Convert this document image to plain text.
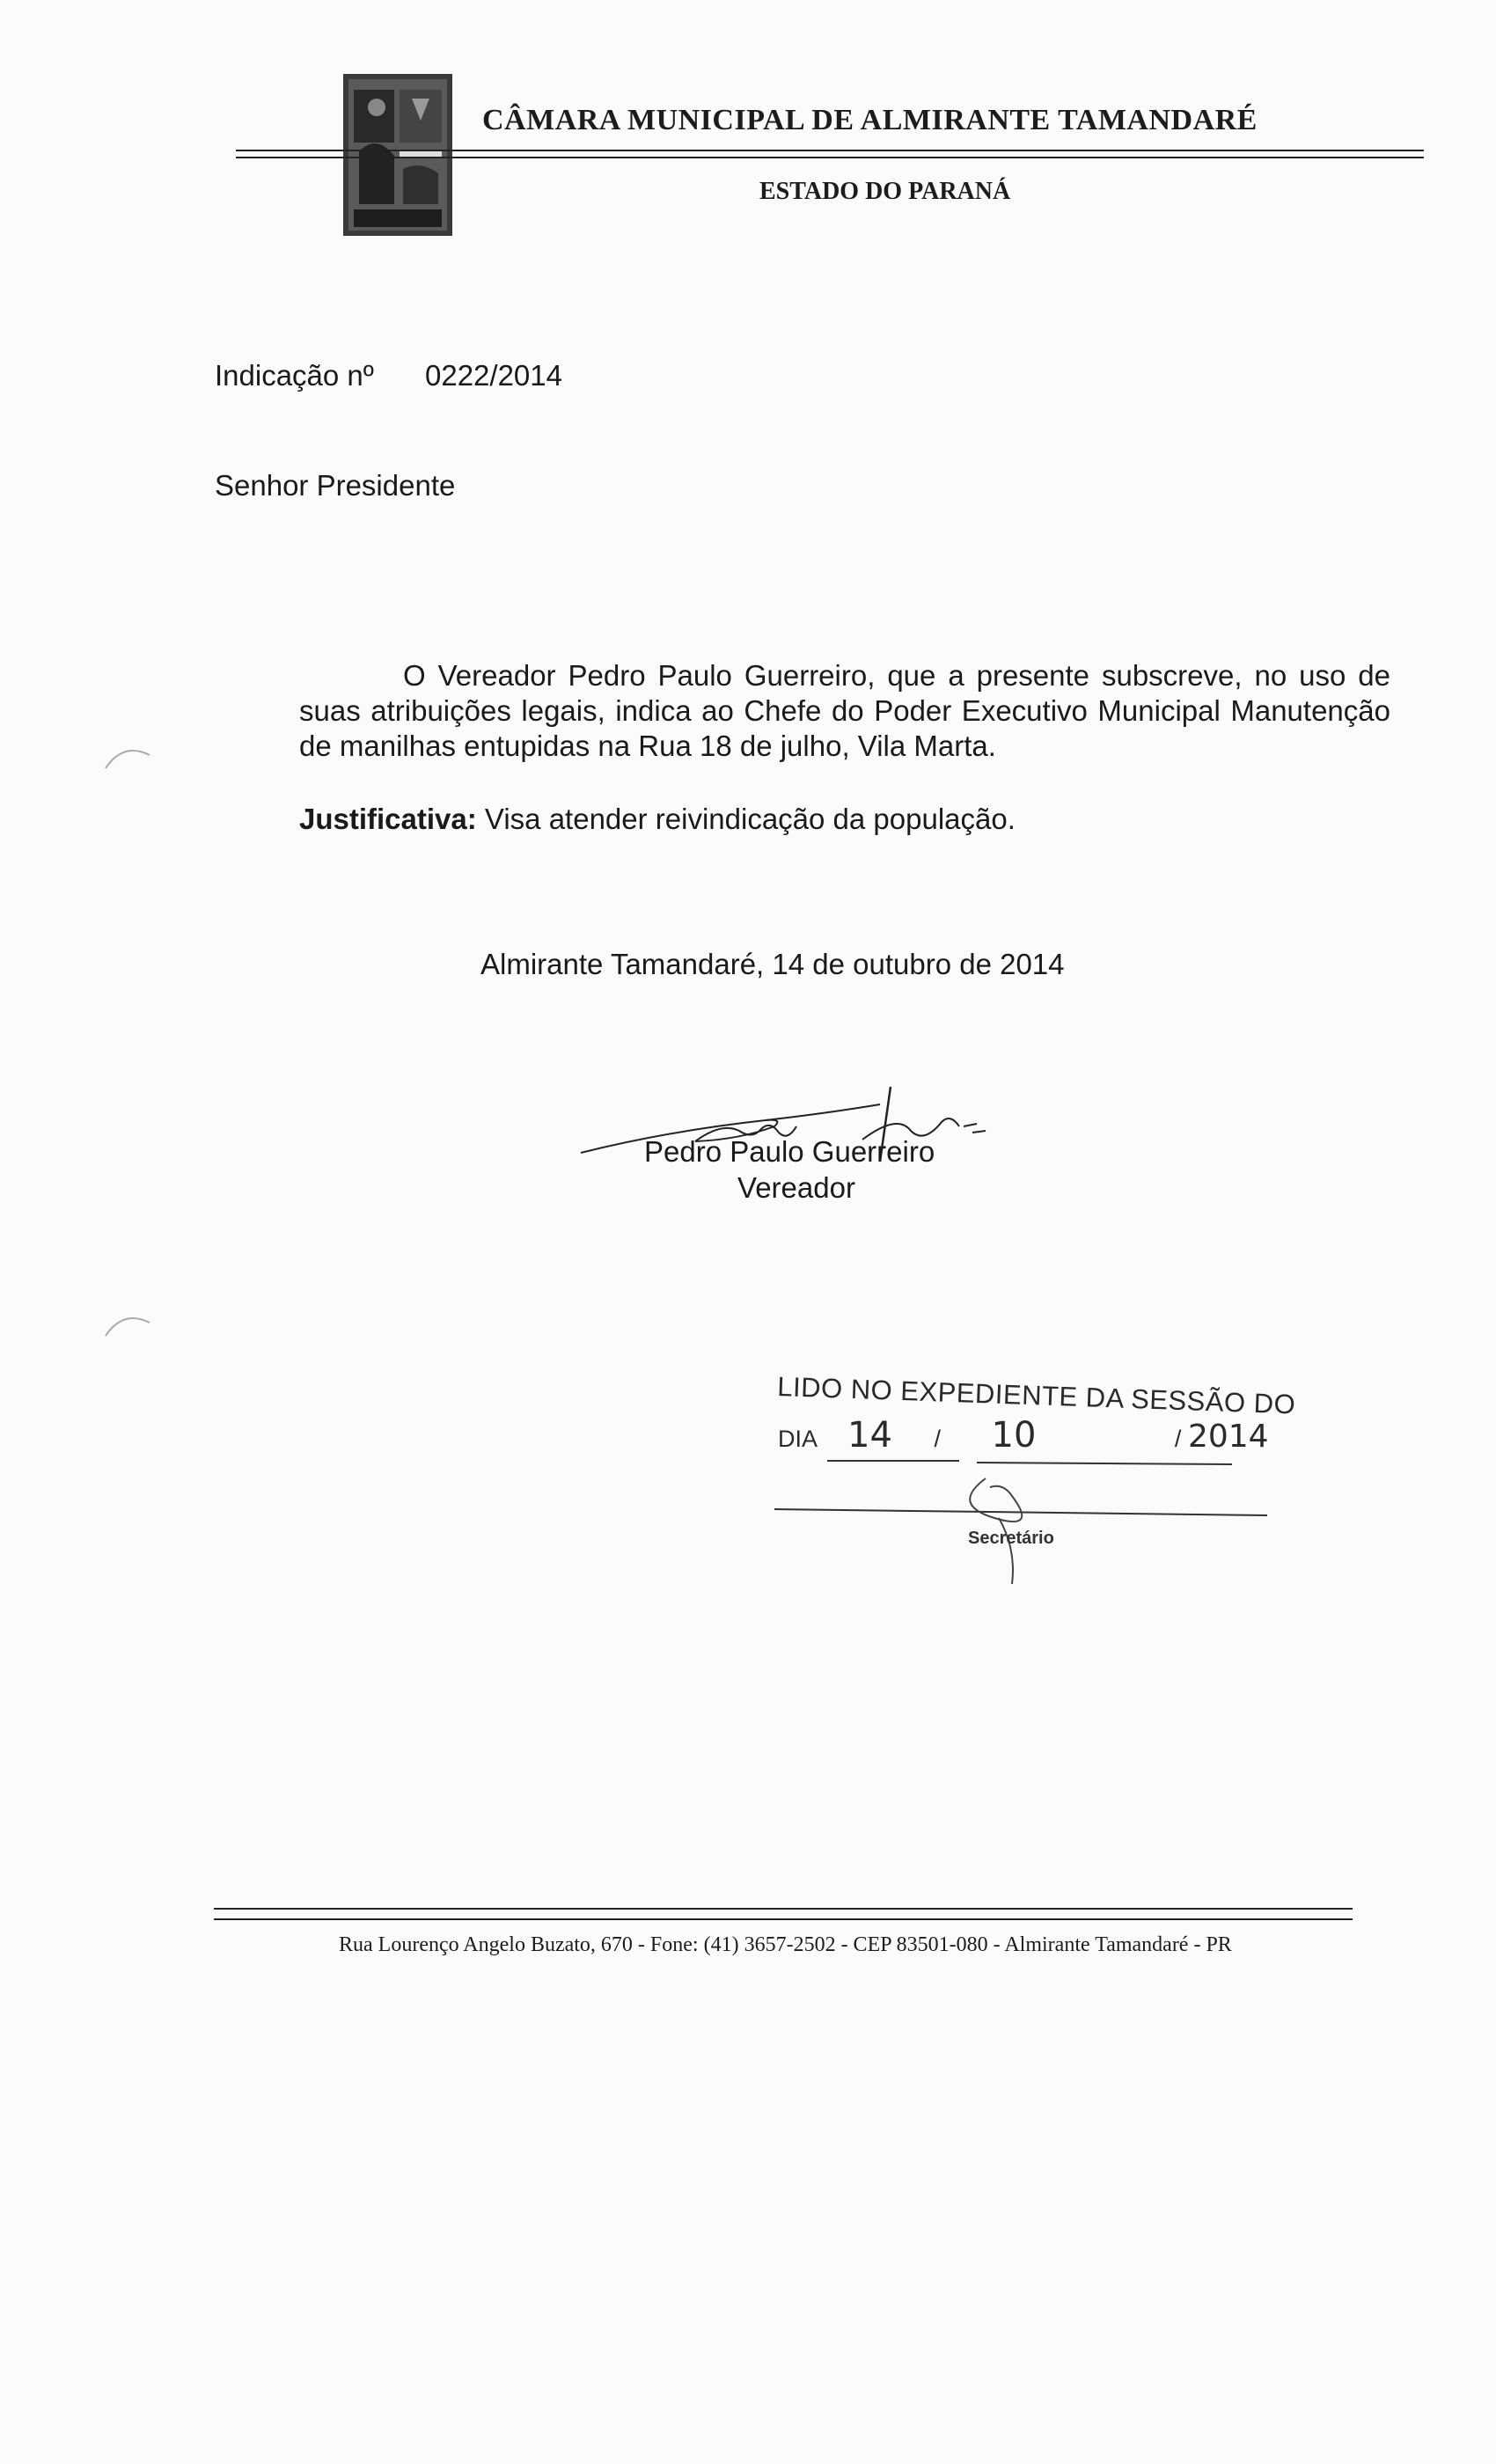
CÂMARA MUNICIPAL DE ALMIRANTE TAMANDARÉ
ESTADO DO PARANÁ
Indicação nº 0222/2014
Senhor Presidente
O Vereador Pedro Paulo Guerreiro, que a presente subscreve, no uso de suas atribuições legais, indica ao Chefe do Poder Executivo Municipal Manutenção de manilhas entupidas na Rua 18 de julho, Vila Marta.
Justificativa: Visa atender reivindicação da população.
Almirante Tamandaré, 14 de outubro de 2014
Pedro Paulo Guerreiro
Vereador
LIDO NO EXPEDIENTE DA SESSÃO DO
DIA 14 / 10	/ 2014
Secretário
Rua Lourenço Angelo Buzato, 670 - Fone: (41) 3657-2502 - CEP 83501-080 - Almirante Tamandaré - PR
